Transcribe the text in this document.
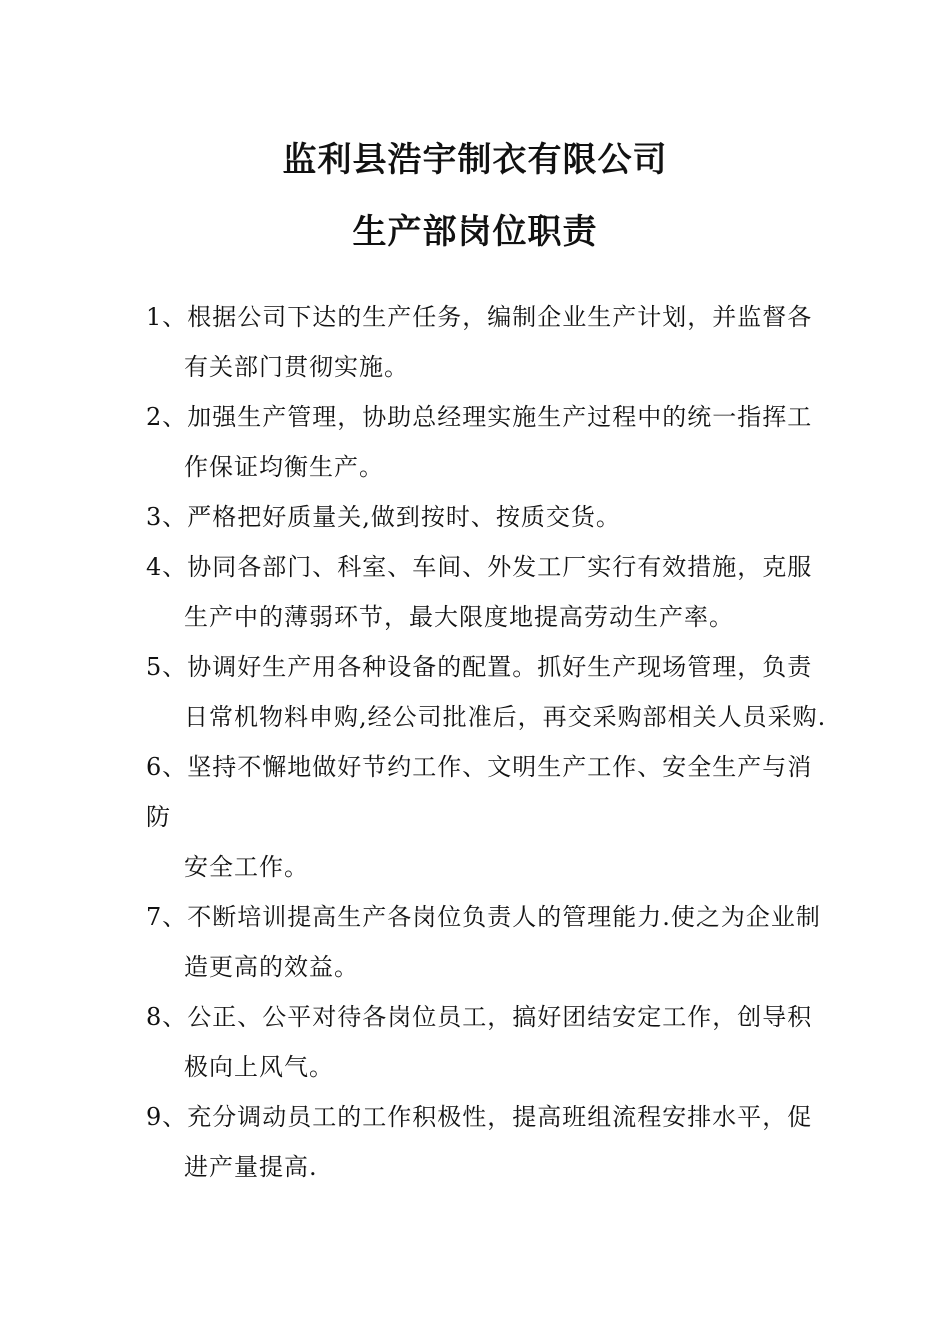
监利县浩宇制衣有限公司
生产部岗位职责
1、根据公司下达的生产任务，编制企业生产计划，并监督各
有关部门贯彻实施。
2、加强生产管理，协助总经理实施生产过程中的统一指挥工
作保证均衡生产。
3、严格把好质量关,做到按时、按质交货。
4、协同各部门、科室、车间、外发工厂实行有效措施，克服
生产中的薄弱环节，最大限度地提高劳动生产率。
5、协调好生产用各种设备的配置。抓好生产现场管理，负责
日常机物料申购,经公司批准后，再交采购部相关人员采购.
6、坚持不懈地做好节约工作、文明生产工作、安全生产与消
防
安全工作。
7、不断培训提高生产各岗位负责人的管理能力.使之为企业制
造更高的效益。
8、公正、公平对待各岗位员工，搞好团结安定工作，创导积
极向上风气。
9、充分调动员工的工作积极性，提高班组流程安排水平，促
进产量提高.
